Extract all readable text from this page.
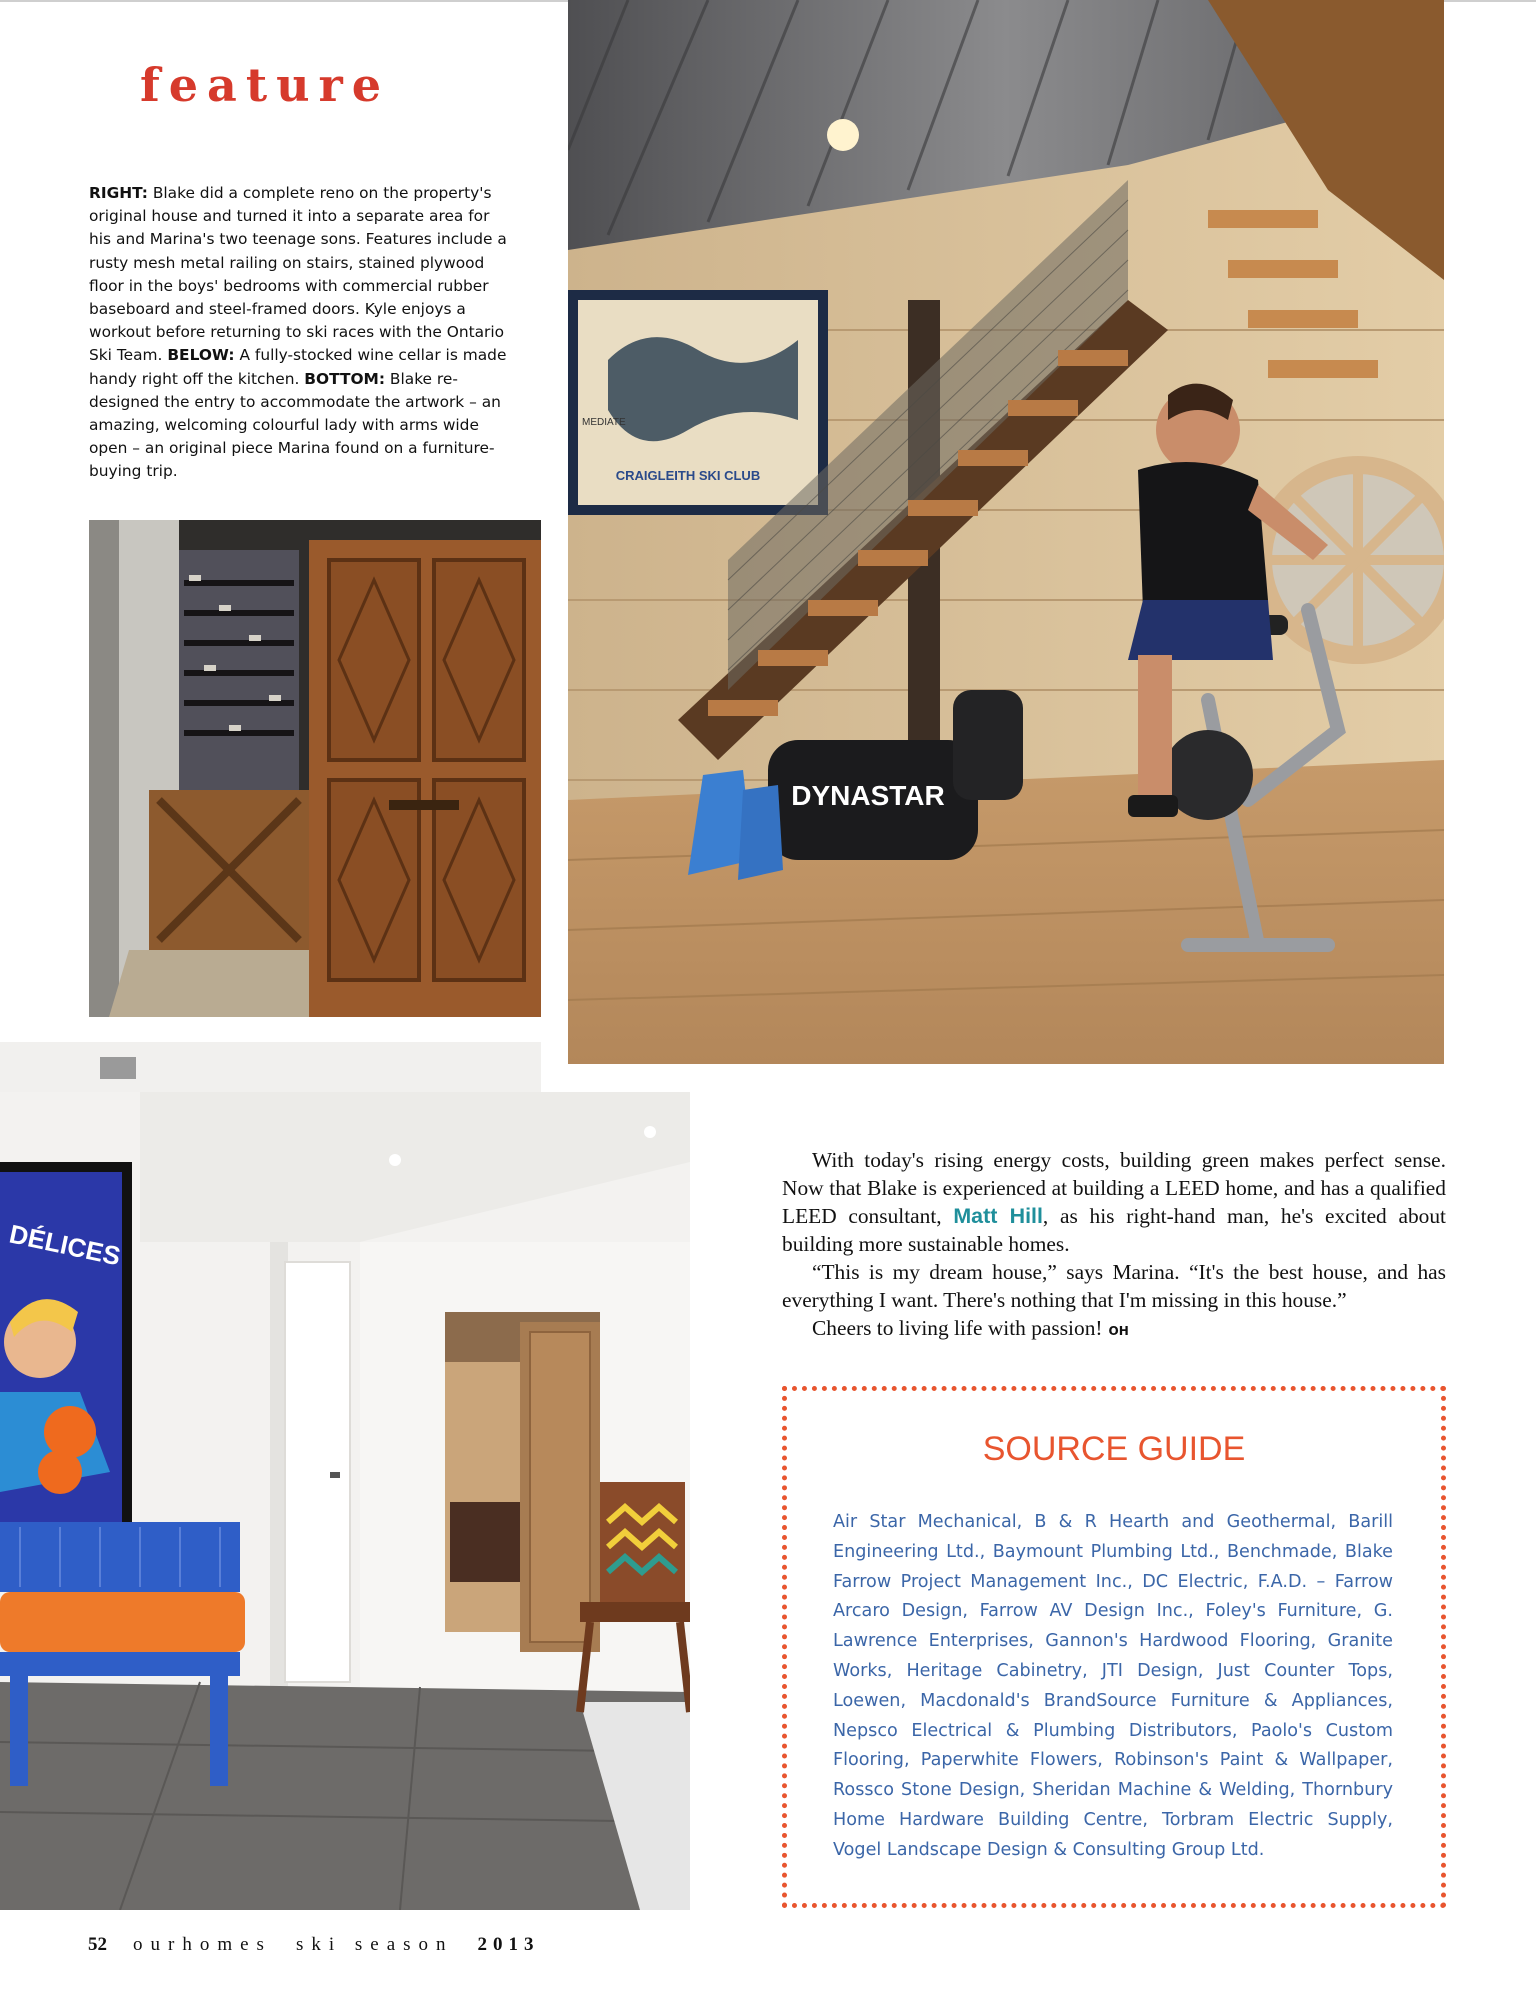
feature
RIGHT: Blake did a complete reno on the property's original house and turned it into a separate area for his and Marina's two teenage sons. Features include a rusty mesh metal railing on stairs, stained plywood floor in the boys' bedrooms with commercial rubber baseboard and steel-framed doors. Kyle enjoys a workout before returning to ski races with the Ontario Ski Team. BELOW: A fully-stocked wine cellar is made handy right off the kitchen. BOTTOM: Blake re-designed the entry to accommodate the artwork – an amazing, welcoming colourful lady with arms wide open – an original piece Marina found on a furniture-buying trip.	CRAIGLEITH SKI CLUB
MEDIATE
DYNASTAR
DÉLICES

With today's rising energy costs, building green makes perfect sense. Now that Blake is experienced at building a LEED home, and has a qualified LEED consultant, Matt Hill, as his right-hand man, he's excited about building more sustainable homes.

“This is my dream house,” says Marina. “It's the best house, and has everything I want. There's nothing that I'm missing in this house.”

Cheers to living life with passion! OH

SOURCE GUIDE
Air Star Mechanical, B & R Hearth and Geothermal, Barill Engineering Ltd., Baymount Plumbing Ltd., Benchmade, Blake Farrow Project Management Inc., DC Electric, F.A.D. – Farrow Arcaro Design, Farrow AV Design Inc., Foley's Furniture, G. Lawrence Enterprises, Gannon's Hardwood Flooring, Granite Works, Heritage Cabinetry, JTI Design, Just Counter Tops, Loewen, Macdonald's BrandSource Furniture & Appliances, Nepsco Electrical & Plumbing Distributors, Paolo's Custom Flooring, Paperwhite Flowers, Robinson's Paint & Wallpaper, Rossco Stone Design, Sheridan Machine & Welding, Thornbury Home Hardware Building Centre, Torbram Electric Supply, Vogel Landscape Design & Consulting Group Ltd.
52 ourhomes ski season 2013
